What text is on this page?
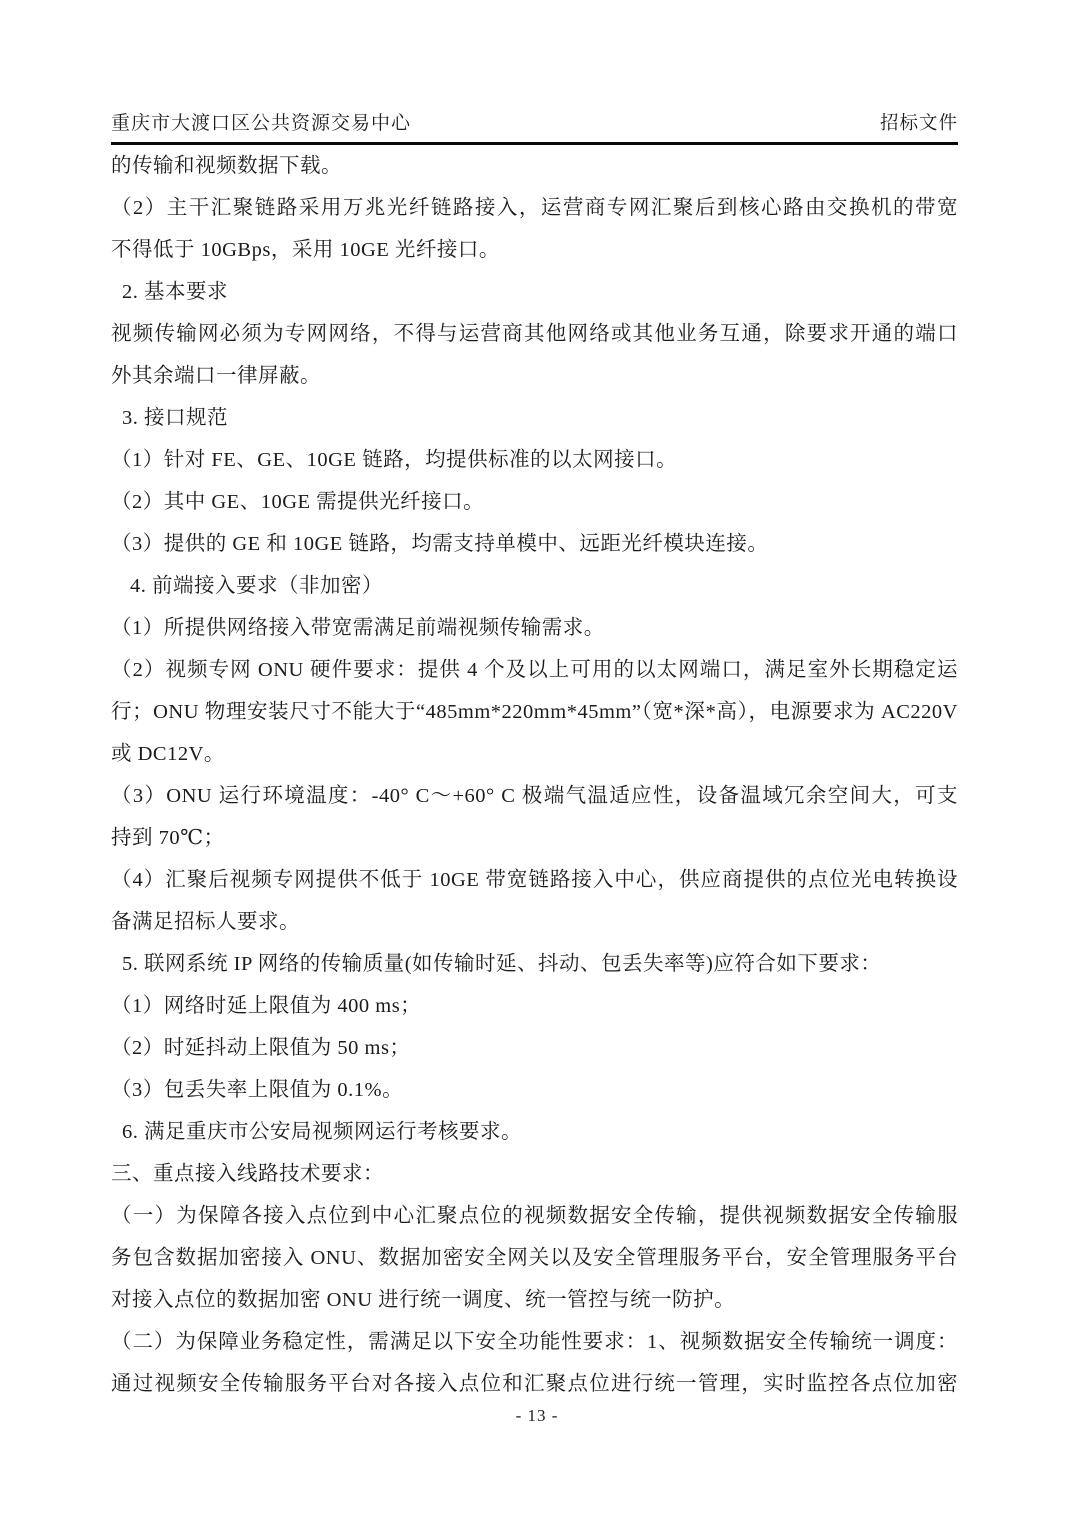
重庆市大渡口区公共资源交易中心	招标文件
的传输和视频数据下载。
（2）主干汇聚链路采用万兆光纤链路接入，运营商专网汇聚后到核心路由交换机的带宽
不得低于 10GBps，采用 10GE 光纤接口。
2. 基本要求
视频传输网必须为专网网络，不得与运营商其他网络或其他业务互通，除要求开通的端口
外其余端口一律屏蔽。
3. 接口规范
（1）针对 FE、GE、10GE 链路，均提供标准的以太网接口。
（2）其中 GE、10GE 需提供光纤接口。
（3）提供的 GE 和 10GE 链路，均需支持单模中、远距光纤模块连接。
4. 前端接入要求（非加密）
（1）所提供网络接入带宽需满足前端视频传输需求。
（2）视频专网 ONU 硬件要求：提供 4 个及以上可用的以太网端口，满足室外长期稳定运
行；ONU 物理安装尺寸不能大于“485mm*220mm*45mm”（宽*深*高），电源要求为 AC220V
或 DC12V。
（3）ONU 运行环境温度：-40° C～+60° C 极端气温适应性，设备温域冗余空间大，可支
持到 70℃；
（4）汇聚后视频专网提供不低于 10GE 带宽链路接入中心，供应商提供的点位光电转换设
备满足招标人要求。
5. 联网系统 IP 网络的传输质量(如传输时延、抖动、包丢失率等)应符合如下要求：
（1）网络时延上限值为 400 ms；
（2）时延抖动上限值为 50 ms；
（3）包丢失率上限值为 0.1%。
6. 满足重庆市公安局视频网运行考核要求。
三、重点接入线路技术要求：
（一）为保障各接入点位到中心汇聚点位的视频数据安全传输，提供视频数据安全传输服
务包含数据加密接入 ONU、数据加密安全网关以及安全管理服务平台，安全管理服务平台
对接入点位的数据加密 ONU 进行统一调度、统一管控与统一防护。
（二）为保障业务稳定性，需满足以下安全功能性要求：1、视频数据安全传输统一调度：
通过视频安全传输服务平台对各接入点位和汇聚点位进行统一管理，实时监控各点位加密
- 13 -
